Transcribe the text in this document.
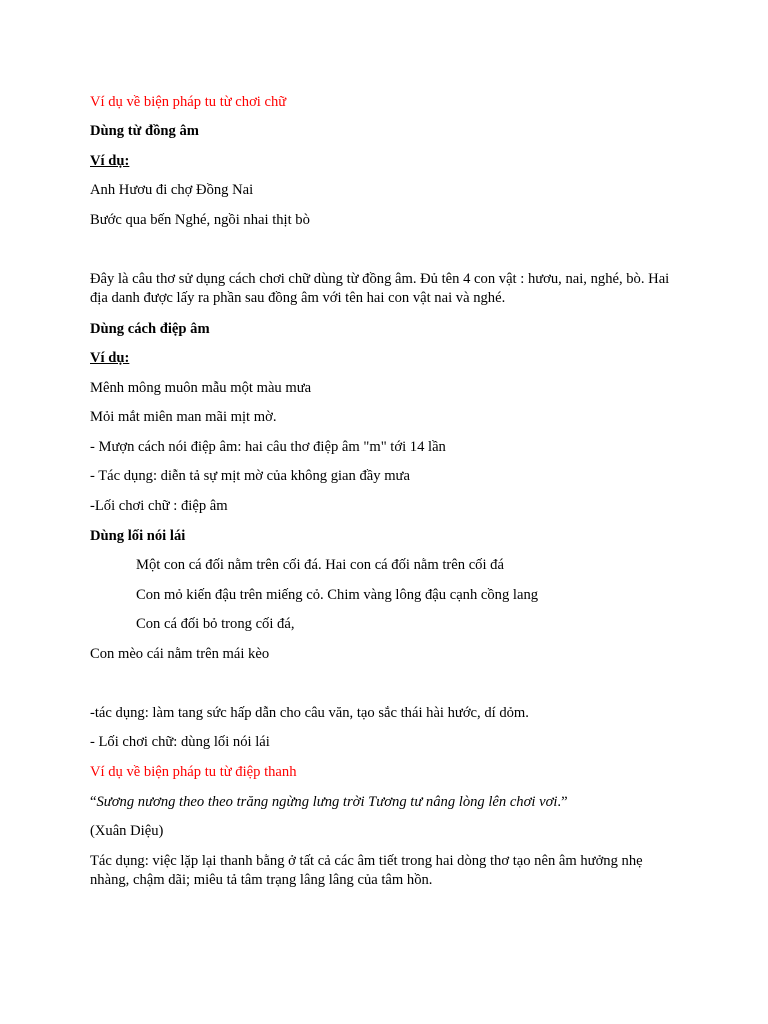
Ví dụ về biện pháp tu từ chơi chữ
Dùng từ đồng âm
Ví dụ:
Anh Hươu đi chợ Đồng Nai
Bước qua bến Nghé, ngồi nhai thịt bò
Đây là câu thơ sử dụng cách chơi chữ dùng từ đồng âm. Đủ tên 4 con vật : hươu, nai, nghé, bò. Hai địa danh được lấy ra phần sau đồng âm với tên hai con vật nai và nghé.
Dùng cách điệp âm
Ví dụ:
Mênh mông muôn mẫu một màu mưa
Mỏi mắt miên man mãi mịt mờ.
- Mượn cách nói điệp âm: hai câu thơ điệp âm "m" tới 14 lần
- Tác dụng: diễn tả sự mịt mờ của không gian đầy mưa
-Lối chơi chữ : điệp âm
Dùng lối nói lái
Một con cá đối nằm trên cối đá. Hai con cá đối nằm trên cối đá
Con mỏ kiến đậu trên miếng cỏ. Chim vàng lông đậu cạnh cồng lang
Con cá đối bỏ trong cối đá,
Con mèo cái nằm trên mái kèo
-tác dụng: làm tang sức hấp dẫn cho câu văn, tạo sắc thái hài hước, dí dỏm.
- Lối chơi chữ: dùng lối nói lái
Ví dụ về biện pháp tu từ điệp thanh
“Sương nương theo theo trăng ngừng lưng trời Tương tư nâng lòng lên chơi vơi.”
(Xuân Diệu)
Tác dụng: việc lặp lại thanh bằng ở tất cả các âm tiết trong hai dòng thơ tạo nên âm hưởng nhẹ nhàng, chậm dãi; miêu tả tâm trạng lâng lâng của tâm hồn.
